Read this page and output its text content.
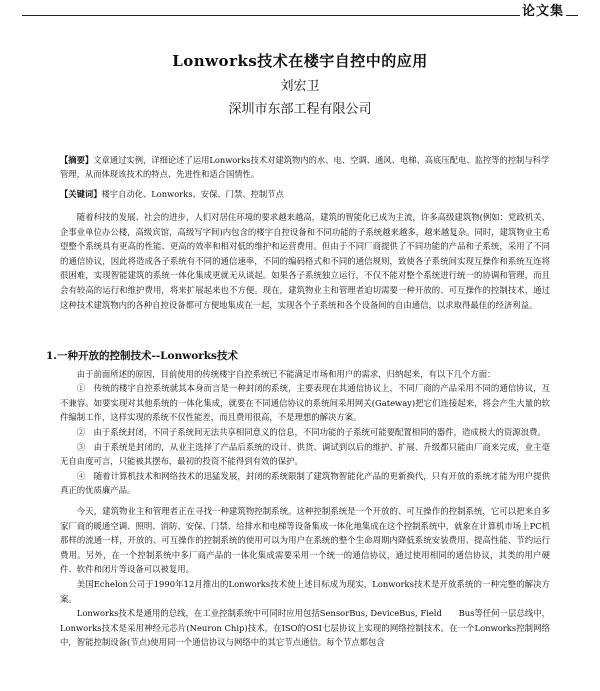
论文集
Lonworks技术在楼宇自控中的应用
刘宏卫
深圳市东部工程有限公司
【摘要】文章通过实例，详细论述了运用Lonworks技术对建筑物内的水、电、空调、通风、电梯、高底压配电、监控等的控制与科学管理，从而体现该技术的特点、先进性和适合国情性。
【关键词】楼宇自动化、Lonworks、安保、门禁、控制节点

随着科技的发展、社会的进步，人们对居住环境的要求越来越高，建筑的智能化已成为主流，许多高级建筑物(例如：党政机关、企事业单位办公楼，高级宾馆，高级写字间)内包含的楼宇自控设备和不同功能的子系统越来越多，越来越复杂。同时，建筑物业主希望整个系统具有更高的性能、更高的效率和相对低的维护和运营费用。但由于不同厂商提供了不同功能的产品和子系统，采用了不同的通信协议，因此将造成各子系统有不同的通信速率，不同的编码格式和不同的通信规则，致使各子系统间实现互操作和系统互连将很困难，实现智能建筑的系统一体化集成更就无从谈起。如果各子系统独立运行，不仅不能对整个系统进行统一的协调和管理，而且会有较高的运行和维护费用，将来扩展起来也不方便。现在，建筑物业主和管理者迫切需要一种开放的、可互操作的控制技术，通过这种技术建筑物内的各种自控设备都可方便地集成在一起，实现各个子系统和各个设备间的自由通信，以求取得最佳的经济利益。

1.一种开放的控制技术--Lonworks技术

由于前面所述的原因，目前使用的传统楼宇自控系统已不能满足市场和用户的需求，归纳起来，有以下几个方面：

①　传统的楼宇自控系统就其本身而言是一种封闭的系统，主要表现在其通信协议上，不同厂商的产品采用不同的通信协议，互不兼容。如要实现对其他系统的一体化集成，就要在不同通信协议的系统间采用网关(Gateway)把它们连接起来，将会产生大量的软件编制工作，这样实现的系统不仅性能差，而且费用很高，不是理想的解决方案。

②　由于系统封闭，不同子系统间无法共享相同意义的信息，不同功能的子系统可能要配置相同的器件，造成极大的资源浪费。

③　由于系统是封闭的，从业主选择了产品后系统的设计、供货、调试到以后的维护、扩展、升级都只能由厂商来完成，业主毫无自由度可言，只能被其摆布，最初的投资不能得到有效的保护。

④　随着计算机技术和网络技术的迅猛发展，封闭的系统限制了建筑物智能化产品的更新换代，只有开放的系统才能为用户提供真正的优质廉产品。

今天，建筑物业主和管理者正在寻找一种建筑物控制系统。这种控制系统是一个开放的、可互操作的控制系统，它可以把来自多家厂商的暖通空调、照明、消防、安保、门禁、给排水和电梯等设备集成一体化地集成在这个控制系统中，就象在计算机市场上PC机那样的流通一样，开放的、可互操作的控制系统的使用可以为用户在系统的整个生命周期内降低系统安装费用、提高性能、节约运行费用。另外，在一个控制系统中多厂商产品的一体化集成需要采用一个统一的通信协议，通过使用相同的通信协议，其类的用户硬件、软件和闭片等设备可以被复用。

美国Echelon公司于1990年12月推出的Lonworks技术使上述目标成为现实，Lonworks技术是开放系统的一种完整的解决方案。

Lonworks技术是通用的总线，在工业控制系统中可同时应用包括SensorBus, DeviceBus, Field　　Bus等任何一层总线中，Lonworks技术是采用神经元芯片(Neuron Chip)技术，在ISO的OSI七层协议上实现的网络控制技术。在一个Lonworks控制网络中，智能控制设备(节点)使用同一个通信协议与网络中的其它节点通信。每个节点都包含
